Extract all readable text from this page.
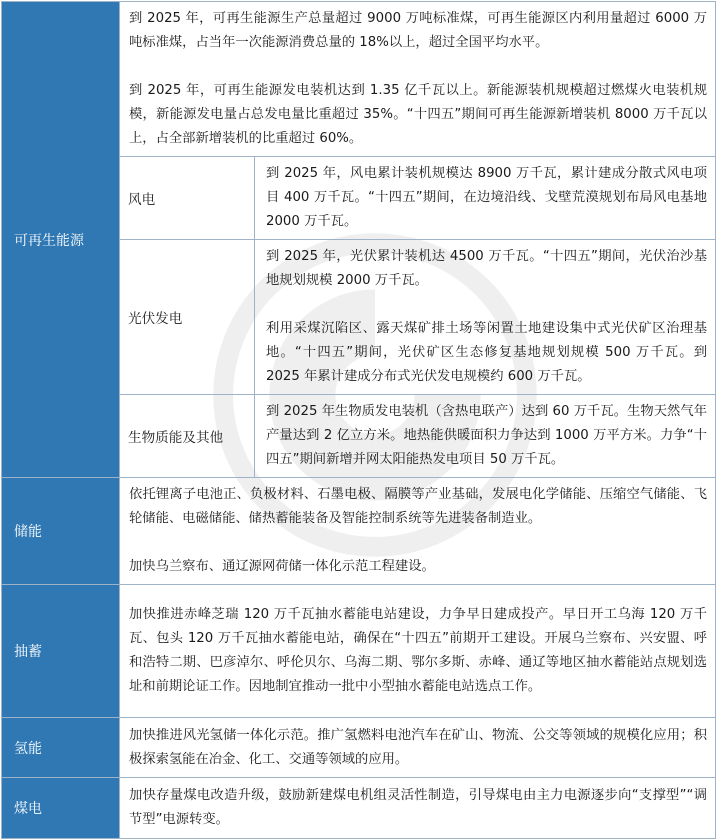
可再生能源	到 2025 年，可再生能源生产总量超过 9000 万吨标准煤，可再生能源区内利用量超过 6000 万吨标准煤，占当年一次能源消费总量的 18%以上，超过全国平均水平。

到 2025 年，可再生能源发电装机达到 1.35 亿千瓦以上。新能源装机规模超过燃煤火电装机规模，新能源发电量占总发电量比重超过 35%。“十四五”期间可再生能源新增装机 8000 万千瓦以上，占全部新增装机的比重超过 60%。	

	风电	到 2025 年，风电累计装机规模达 8900 万千瓦，累计建成分散式风电项目 400 万千瓦。“十四五”期间，在边境沿线、戈壁荒漠规划布局风电基地 2000 万千瓦。

	光伏发电	到 2025 年，光伏累计装机达 4500 万千瓦。“十四五”期间，光伏治沙基地规划规模 2000 万千瓦。

利用采煤沉陷区、露天煤矿排土场等闲置土地建设集中式光伏矿区治理基地。“十四五”期间，光伏矿区生态修复基地规划规模 500 万千瓦。到 2025 年累计建成分布式光伏发电规模约 600 万千瓦。

	生物质能及其他	到 2025 年生物质发电装机（含热电联产）达到 60 万千瓦。生物天然气年产量达到 2 亿立方米。地热能供暖面积力争达到 1000 万平方米。力争“十四五”期间新增并网太阳能热发电项目 50 万千瓦。

储能	依托锂离子电池正、负极材料、石墨电极、隔膜等产业基础，发展电化学储能、压缩空气储能、飞轮储能、电磁储能、储热蓄能装备及智能控制系统等先进装备制造业。

加快乌兰察布、通辽源网荷储一体化示范工程建设。	

抽蓄	加快推进赤峰芝瑞 120 万千瓦抽水蓄能电站建设，力争早日建成投产。早日开工乌海 120 万千瓦、包头 120 万千瓦抽水蓄能电站，确保在“十四五”前期开工建设。开展乌兰察布、兴安盟、呼和浩特二期、巴彦淖尔、呼伦贝尔、乌海二期、鄂尔多斯、赤峰、通辽等地区抽水蓄能站点规划选址和前期论证工作。因地制宜推动一批中小型抽水蓄能电站选点工作。	

氢能	加快推进风光氢储一体化示范。推广氢燃料电池汽车在矿山、物流、公交等领域的规模化应用；积极探索氢能在冶金、化工、交通等领域的应用。	

煤电	加快存量煤电改造升级，鼓励新建煤电机组灵活性制造，引导煤电由主力电源逐步向“支撑型”“调节型”电源转变。	
